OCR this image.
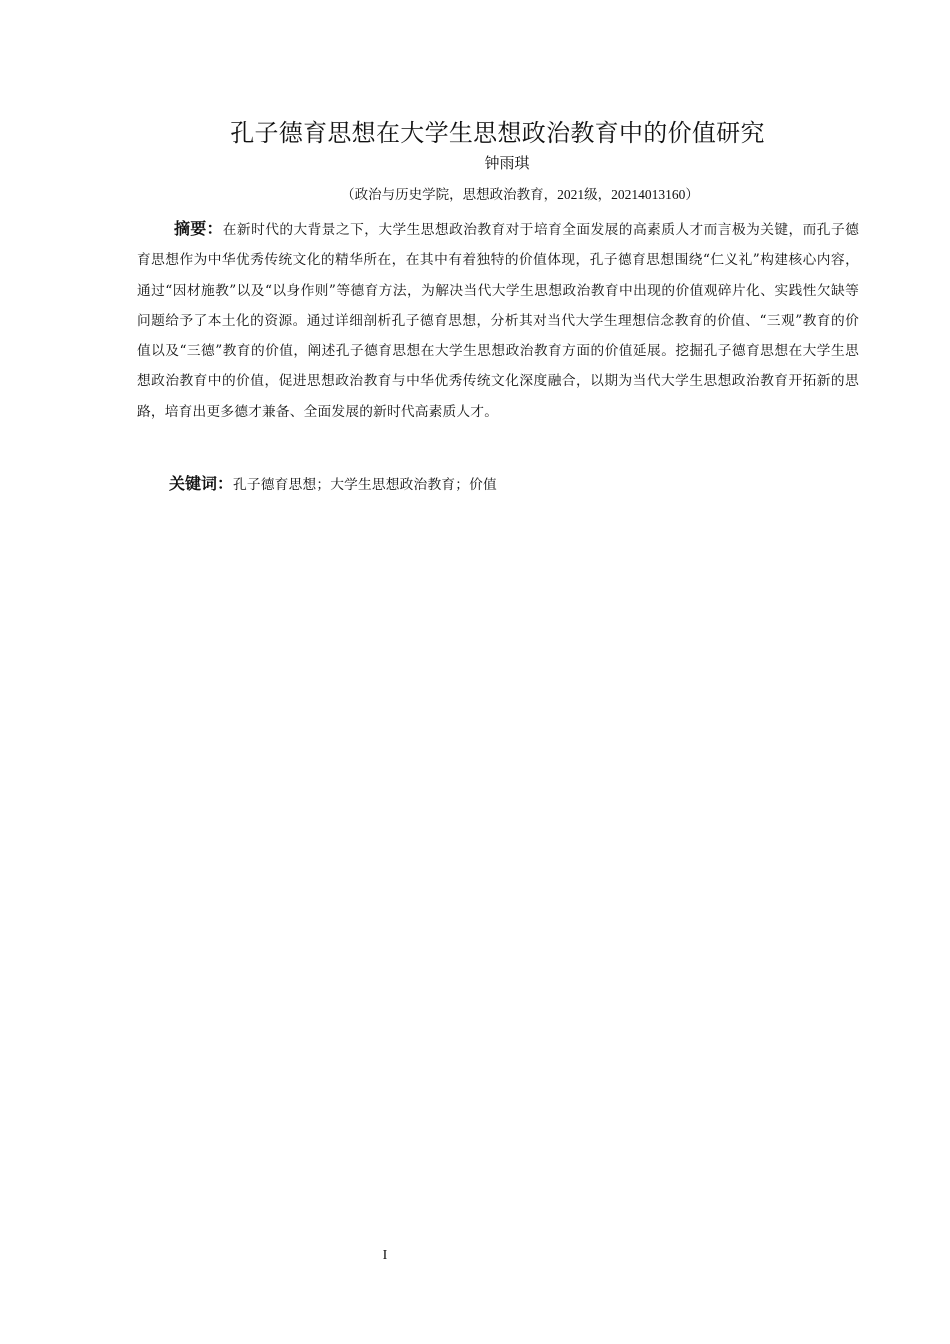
孔子德育思想在大学生思想政治教育中的价值研究
钟雨琪
（政治与历史学院，思想政治教育，2021级，20214013160）

摘要：在新时代的大背景之下，大学生思想政治教育对于培育全面发展的高素质人才而言极为关键，而孔子德育思想作为中华优秀传统文化的精华所在，在其中有着独特的价值体现，孔子德育思想围绕“仁义礼”构建核心内容，通过“因材施教”以及“以身作则”等德育方法，为解决当代大学生思想政治教育中出现的价值观碎片化、实践性欠缺等问题给予了本土化的资源。通过详细剖析孔子德育思想，分析其对当代大学生理想信念教育的价值、“三观”教育的价值以及“三德”教育的价值，阐述孔子德育思想在大学生思想政治教育方面的价值延展。挖掘孔子德育思想在大学生思想政治教育中的价值，促进思想政治教育与中华优秀传统文化深度融合，以期为当代大学生思想政治教育开拓新的思路，培育出更多德才兼备、全面发展的新时代高素质人才。

关键词：孔子德育思想；大学生思想政治教育；价值

I
